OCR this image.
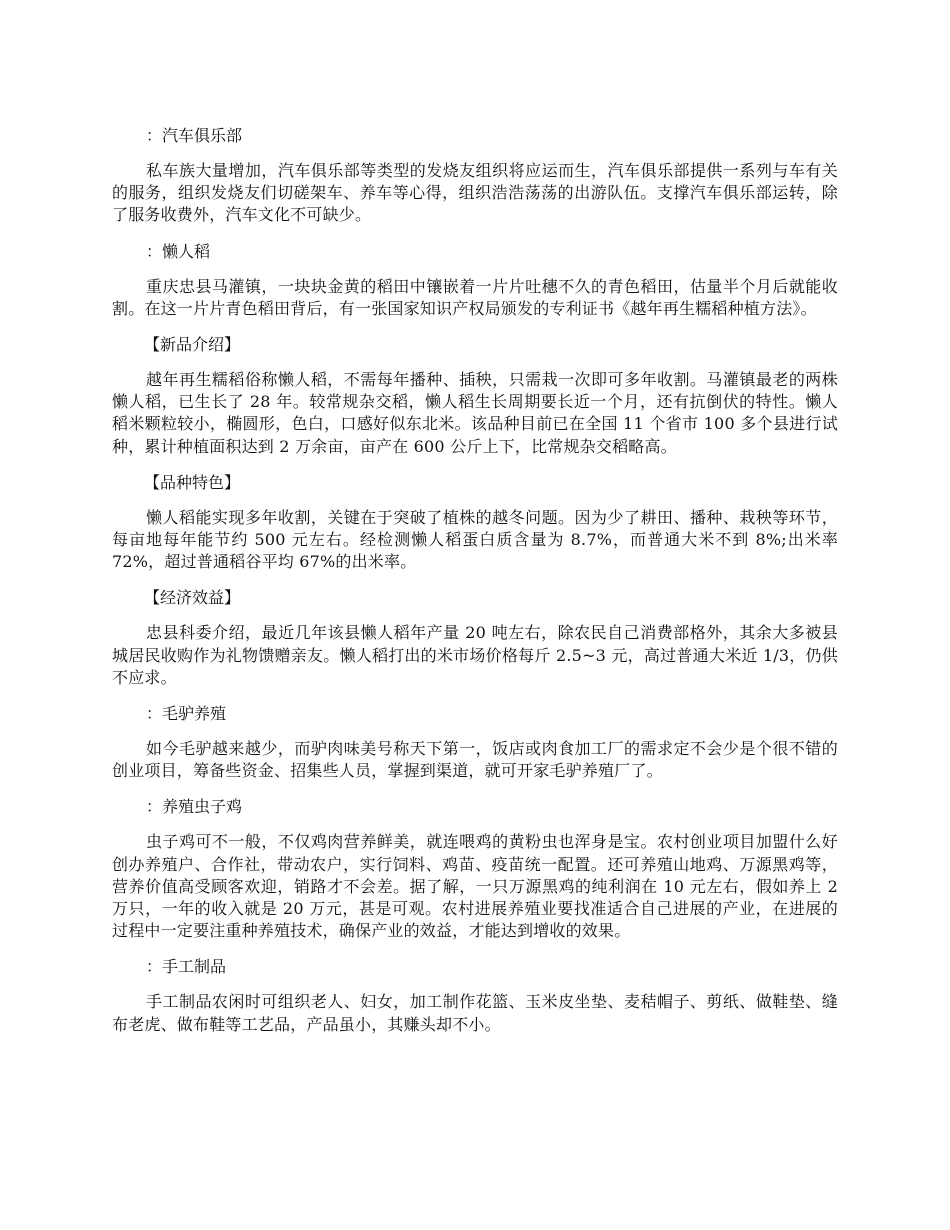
：汽车俱乐部

私车族大量增加，汽车俱乐部等类型的发烧友组织将应运而生，汽车俱乐部提供一系列与车有关的服务，组织发烧友们切磋架车、养车等心得，组织浩浩荡荡的出游队伍。支撑汽车俱乐部运转，除了服务收费外，汽车文化不可缺少。

：懒人稻

重庆忠县马灌镇，一块块金黄的稻田中镶嵌着一片片吐穗不久的青色稻田，估量半个月后就能收割。在这一片片青色稻田背后，有一张国家知识产权局颁发的专利证书《越年再生糯稻种植方法》。

【新品介绍】

越年再生糯稻俗称懒人稻，不需每年播种、插秧，只需栽一次即可多年收割。马灌镇最老的两株懒人稻，已生长了 28 年。较常规杂交稻，懒人稻生长周期要长近一个月，还有抗倒伏的特性。懒人稻米颗粒较小，椭圆形，色白，口感好似东北米。该品种目前已在全国 11 个省市 100 多个县进行试种，累计种植面积达到 2 万余亩，亩产在 600 公斤上下，比常规杂交稻略高。

【品种特色】

懒人稻能实现多年收割，关键在于突破了植株的越冬问题。因为少了耕田、播种、栽秧等环节，每亩地每年能节约 500 元左右。经检测懒人稻蛋白质含量为 8.7%，而普通大米不到 8%;出米率 72%，超过普通稻谷平均 67%的出米率。

【经济效益】

忠县科委介绍，最近几年该县懒人稻年产量 20 吨左右，除农民自己消费部格外，其余大多被县城居民收购作为礼物馈赠亲友。懒人稻打出的米市场价格每斤 2.5~3 元，高过普通大米近 1/3，仍供不应求。

：毛驴养殖

如今毛驴越来越少，而驴肉味美号称天下第一，饭店或肉食加工厂的需求定不会少是个很不错的创业项目，筹备些资金、招集些人员，掌握到渠道，就可开家毛驴养殖厂了。

：养殖虫子鸡

虫子鸡可不一般，不仅鸡肉营养鲜美，就连喂鸡的黄粉虫也浑身是宝。农村创业项目加盟什么好创办养殖户、合作社，带动农户，实行饲料、鸡苗、疫苗统一配置。还可养殖山地鸡、万源黑鸡等，营养价值高受顾客欢迎，销路才不会差。据了解，一只万源黑鸡的纯利润在 10 元左右，假如养上 2 万只，一年的收入就是 20 万元，甚是可观。农村进展养殖业要找准适合自己进展的产业，在进展的过程中一定要注重种养殖技术，确保产业的效益，才能达到增收的效果。

：手工制品

手工制品农闲时可组织老人、妇女，加工制作花篮、玉米皮坐垫、麦秸帽子、剪纸、做鞋垫、缝布老虎、做布鞋等工艺品，产品虽小，其赚头却不小。
